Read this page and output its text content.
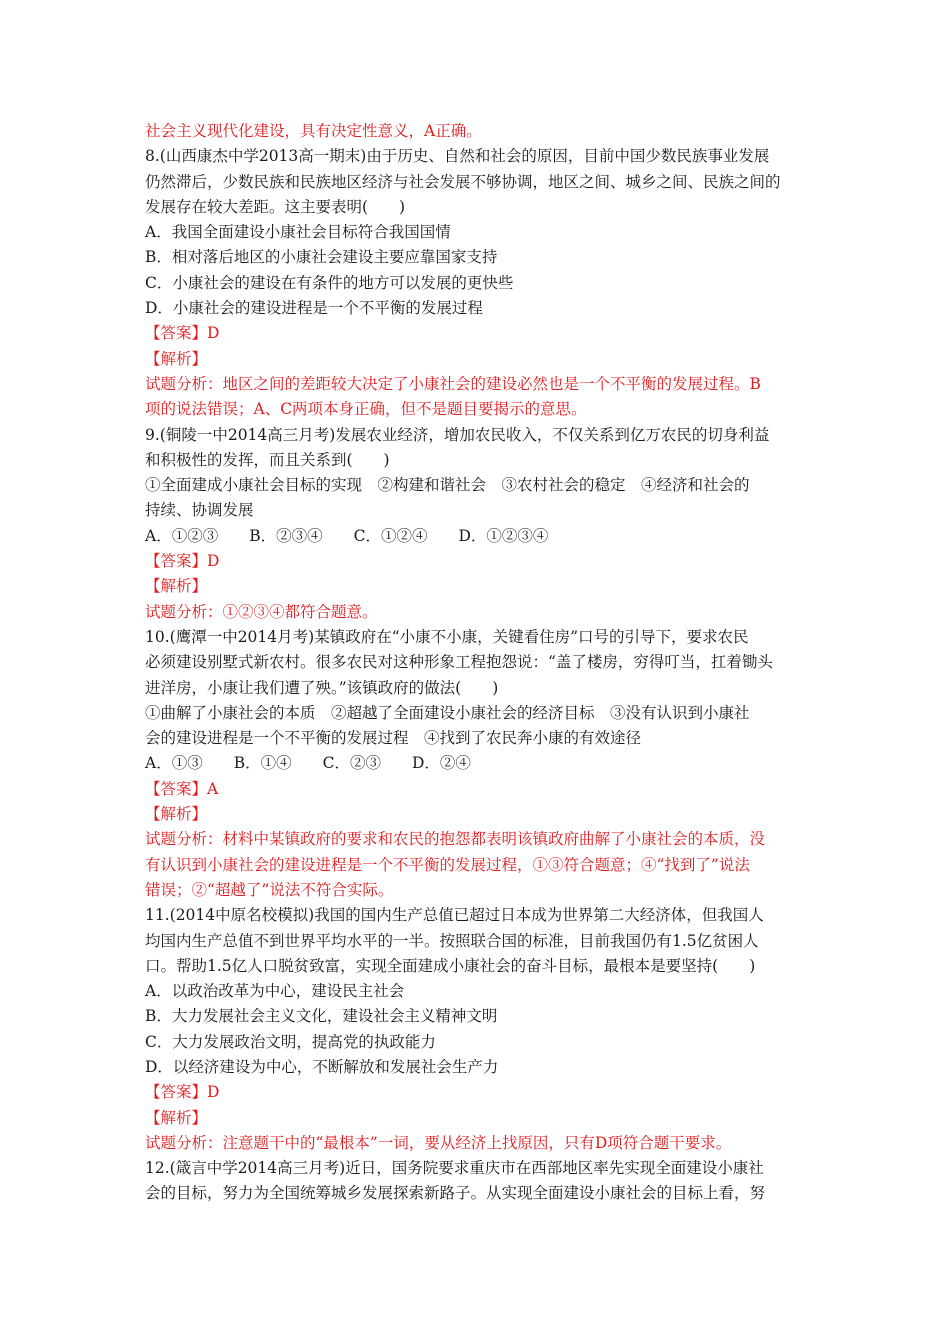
社会主义现代化建设，具有决定性意义，A正确。
8.(山西康杰中学2013高一期末)由于历史、自然和社会的原因，目前中国少数民族事业发展
仍然滞后，少数民族和民族地区经济与社会发展不够协调，地区之间、城乡之间、民族之间的
发展存在较大差距。这主要表明(　　)
A．我国全面建设小康社会目标符合我国国情
B．相对落后地区的小康社会建设主要应靠国家支持
C．小康社会的建设在有条件的地方可以发展的更快些
D．小康社会的建设进程是一个不平衡的发展过程
【答案】D
【解析】
试题分析：地区之间的差距较大决定了小康社会的建设必然也是一个不平衡的发展过程。B
项的说法错误；A、C两项本身正确，但不是题目要揭示的意思。
9.(铜陵一中2014高三月考)发展农业经济，增加农民收入，不仅关系到亿万农民的切身利益
和积极性的发挥，而且关系到(　　)
①全面建成小康社会目标的实现　②构建和谐社会　③农村社会的稳定　④经济和社会的
持续、协调发展
A．①②③　　B．②③④　　C．①②④　　D．①②③④
【答案】D
【解析】
试题分析：①②③④都符合题意。
10.(鹰潭一中2014月考)某镇政府在“小康不小康，关键看住房”口号的引导下，要求农民
必须建设别墅式新农村。很多农民对这种形象工程抱怨说：“盖了楼房，穷得叮当，扛着锄头
进洋房，小康让我们遭了殃。”该镇政府的做法(　　)
①曲解了小康社会的本质　②超越了全面建设小康社会的经济目标　③没有认识到小康社
会的建设进程是一个不平衡的发展过程　④找到了农民奔小康的有效途径
A．①③　　B．①④　　C．②③　　D．②④
【答案】A
【解析】
试题分析：材料中某镇政府的要求和农民的抱怨都表明该镇政府曲解了小康社会的本质，没
有认识到小康社会的建设进程是一个不平衡的发展过程，①③符合题意；④“找到了”说法
错误；②“超越了”说法不符合实际。
11.(2014中原名校模拟)我国的国内生产总值已超过日本成为世界第二大经济体，但我国人
均国内生产总值不到世界平均水平的一半。按照联合国的标准，目前我国仍有1.5亿贫困人
口。帮助1.5亿人口脱贫致富，实现全面建成小康社会的奋斗目标，最根本是要坚持(　　)
A．以政治改革为中心，建设民主社会
B．大力发展社会主义文化，建设社会主义精神文明
C．大力发展政治文明，提高党的执政能力
D．以经济建设为中心，不断解放和发展社会生产力
【答案】D
【解析】
试题分析：注意题干中的“最根本”一词，要从经济上找原因，只有D项符合题干要求。
12.(箴言中学2014高三月考)近日，国务院要求重庆市在西部地区率先实现全面建设小康社
会的目标，努力为全国统筹城乡发展探索新路子。从实现全面建设小康社会的目标上看，努
